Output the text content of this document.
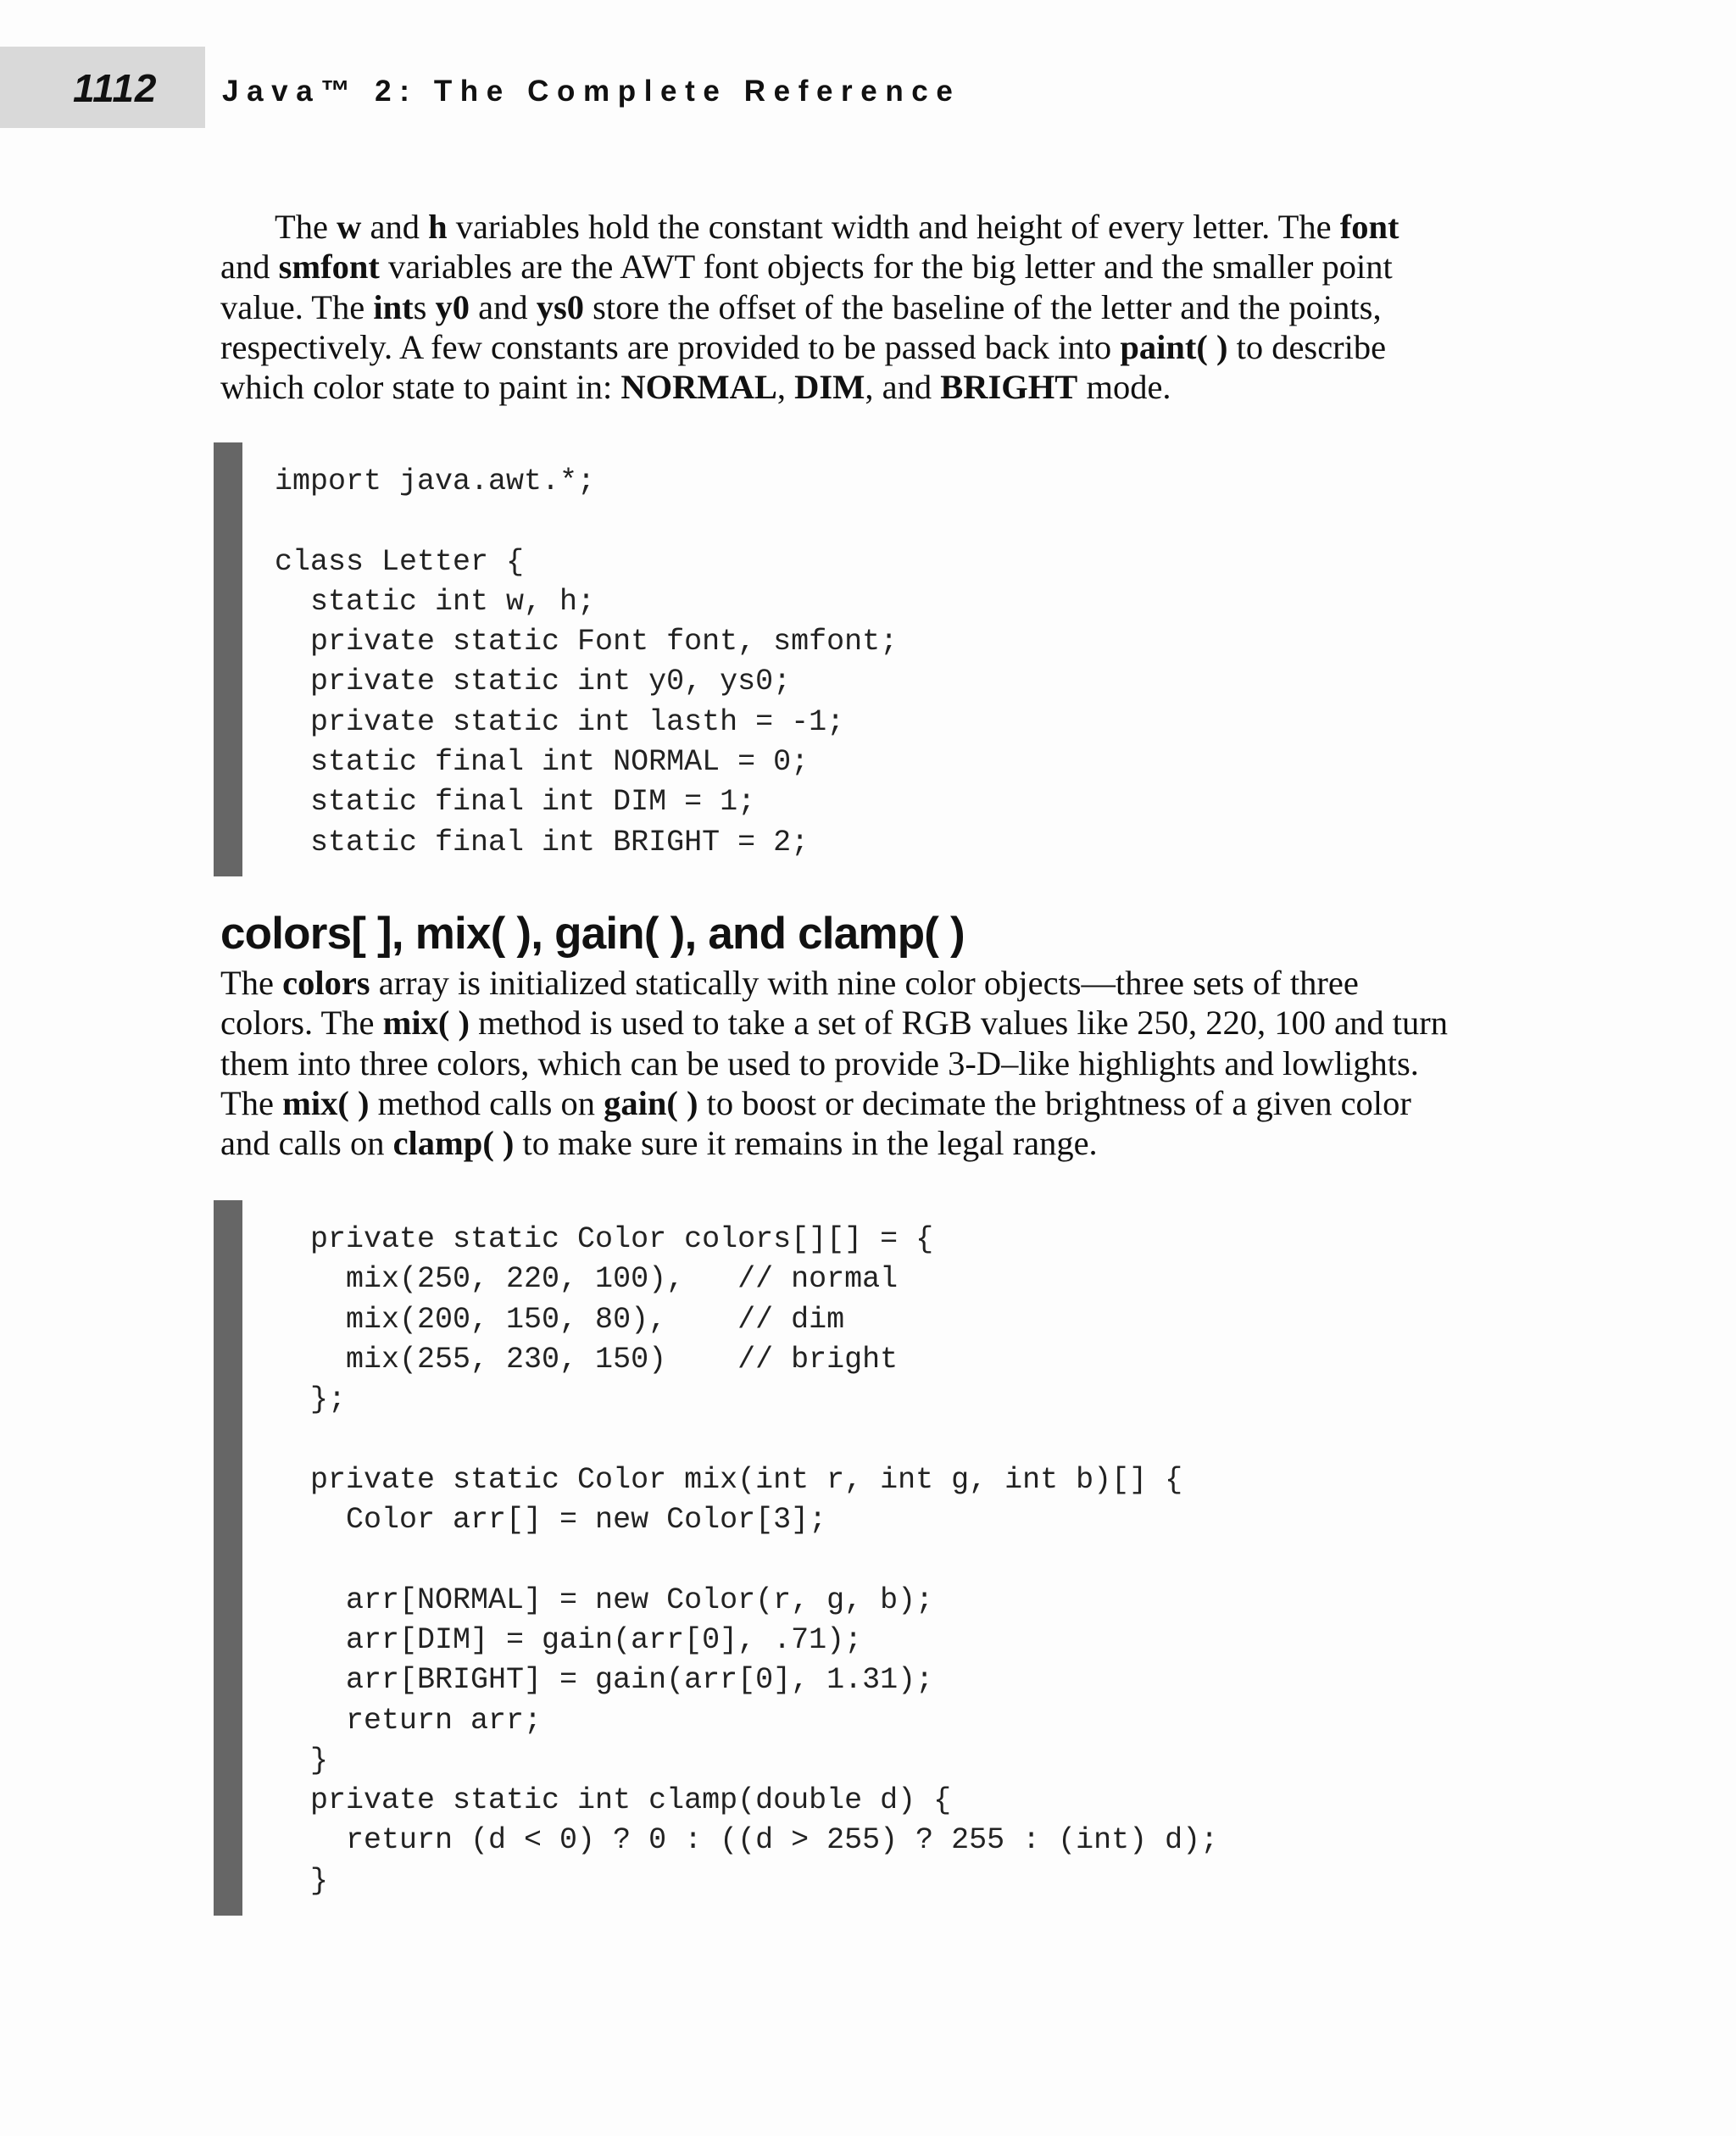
1112 Java™ 2: The Complete Reference
The w and h variables hold the constant width and height of every letter. The font
and smfont variables are the AWT font objects for the big letter and the smaller point
value. The ints y0 and ys0 store the offset of the baseline of the letter and the points,
respectively. A few constants are provided to be passed back into paint( ) to describe
which color state to paint in: NORMAL, DIM, and BRIGHT mode.
import java.awt.*;
class Letter {
static int w, h;
private static Font font, smfont;
private static int y0, ys0;
private static int lasth = -1;
static final int NORMAL = 0;
static final int DIM = 1;
static final int BRIGHT = 2;
colors[ ], mix( ), gain( ), and clamp( )
The colors array is initialized statically with nine color objects—three sets of three
colors. The mix( ) method is used to take a set of RGB values like 250, 220, 100 and turn
them into three colors, which can be used to provide 3-D–like highlights and lowlights.
The mix( ) method calls on gain( ) to boost or decimate the brightness of a given color
and calls on clamp( ) to make sure it remains in the legal range.
private static Color colors[][] = {
mix(250, 220, 100),   // normal
mix(200, 150, 80),    // dim
mix(255, 230, 150)    // bright
};
private static Color mix(int r, int g, int b)[] {
Color arr[] = new Color[3];
arr[NORMAL] = new Color(r, g, b);
arr[DIM] = gain(arr[0], .71);
arr[BRIGHT] = gain(arr[0], 1.31);
return arr;
}
private static int clamp(double d) {
return (d < 0) ? 0 : ((d > 255) ? 255 : (int) d);
}
